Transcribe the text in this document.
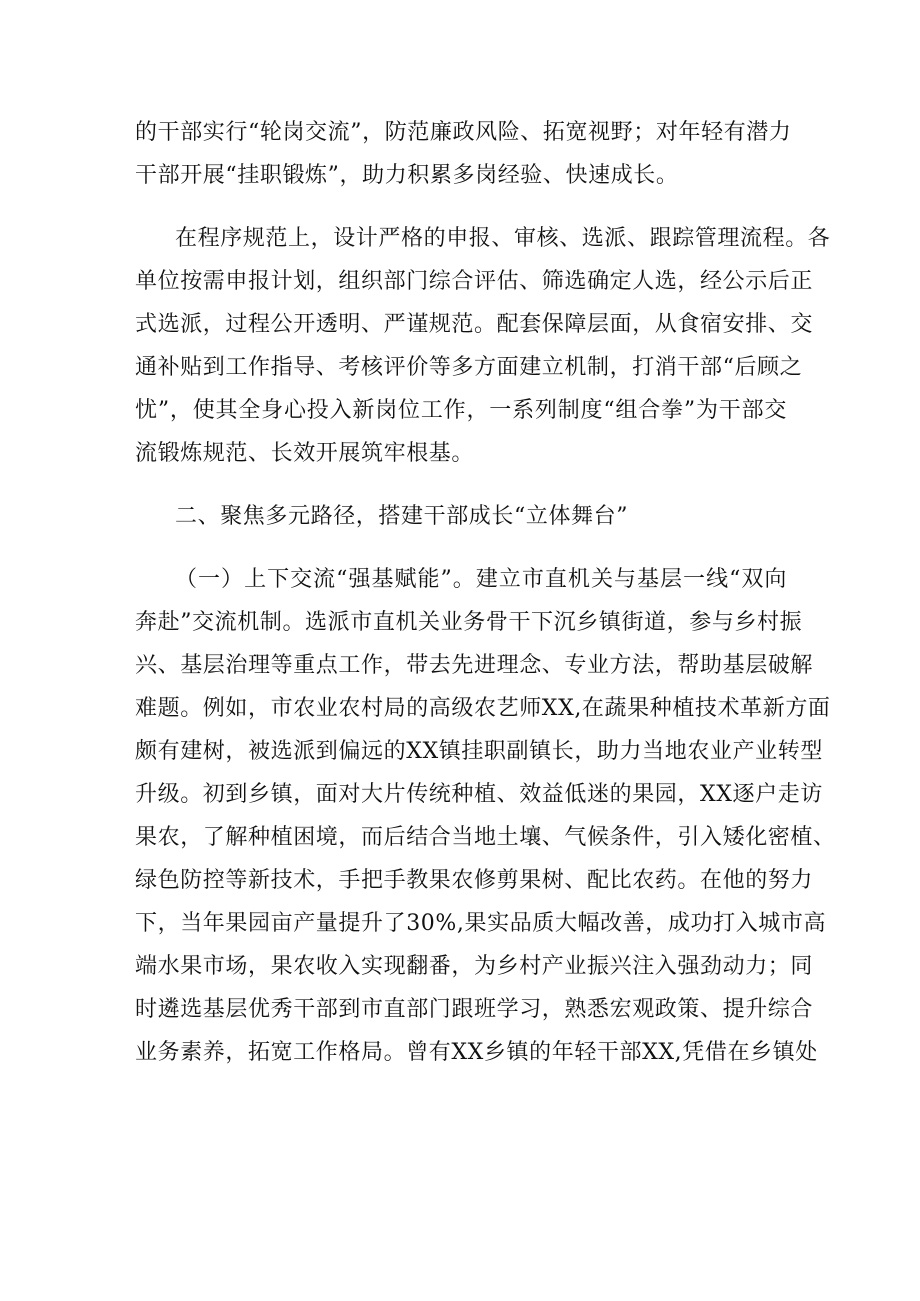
的干部实行“轮岗交流”，防范廉政风险、拓宽视野；对年轻有潜力
干部开展“挂职锻炼”，助力积累多岗经验、快速成长。
在程序规范上，设计严格的申报、审核、选派、跟踪管理流程。各
单位按需申报计划，组织部门综合评估、筛选确定人选，经公示后正
式选派，过程公开透明、严谨规范。配套保障层面，从食宿安排、交
通补贴到工作指导、考核评价等多方面建立机制，打消干部“后顾之
忧”，使其全身心投入新岗位工作，一系列制度“组合拳”为干部交
流锻炼规范、长效开展筑牢根基。
二、聚焦多元路径，搭建干部成长“立体舞台”
（一）上下交流“强基赋能”。建立市直机关与基层一线“双向
奔赴”交流机制。选派市直机关业务骨干下沉乡镇街道，参与乡村振
兴、基层治理等重点工作，带去先进理念、专业方法，帮助基层破解
难题。例如，市农业农村局的高级农艺师XX,在蔬果种植技术革新方面
颇有建树，被选派到偏远的XX镇挂职副镇长，助力当地农业产业转型
升级。初到乡镇，面对大片传统种植、效益低迷的果园，XX逐户走访
果农，了解种植困境，而后结合当地土壤、气候条件，引入矮化密植、
绿色防控等新技术，手把手教果农修剪果树、配比农药。在他的努力
下，当年果园亩产量提升了30%,果实品质大幅改善，成功打入城市高
端水果市场，果农收入实现翻番，为乡村产业振兴注入强劲动力；同
时遴选基层优秀干部到市直部门跟班学习，熟悉宏观政策、提升综合
业务素养，拓宽工作格局。曾有XX乡镇的年轻干部XX,凭借在乡镇处
